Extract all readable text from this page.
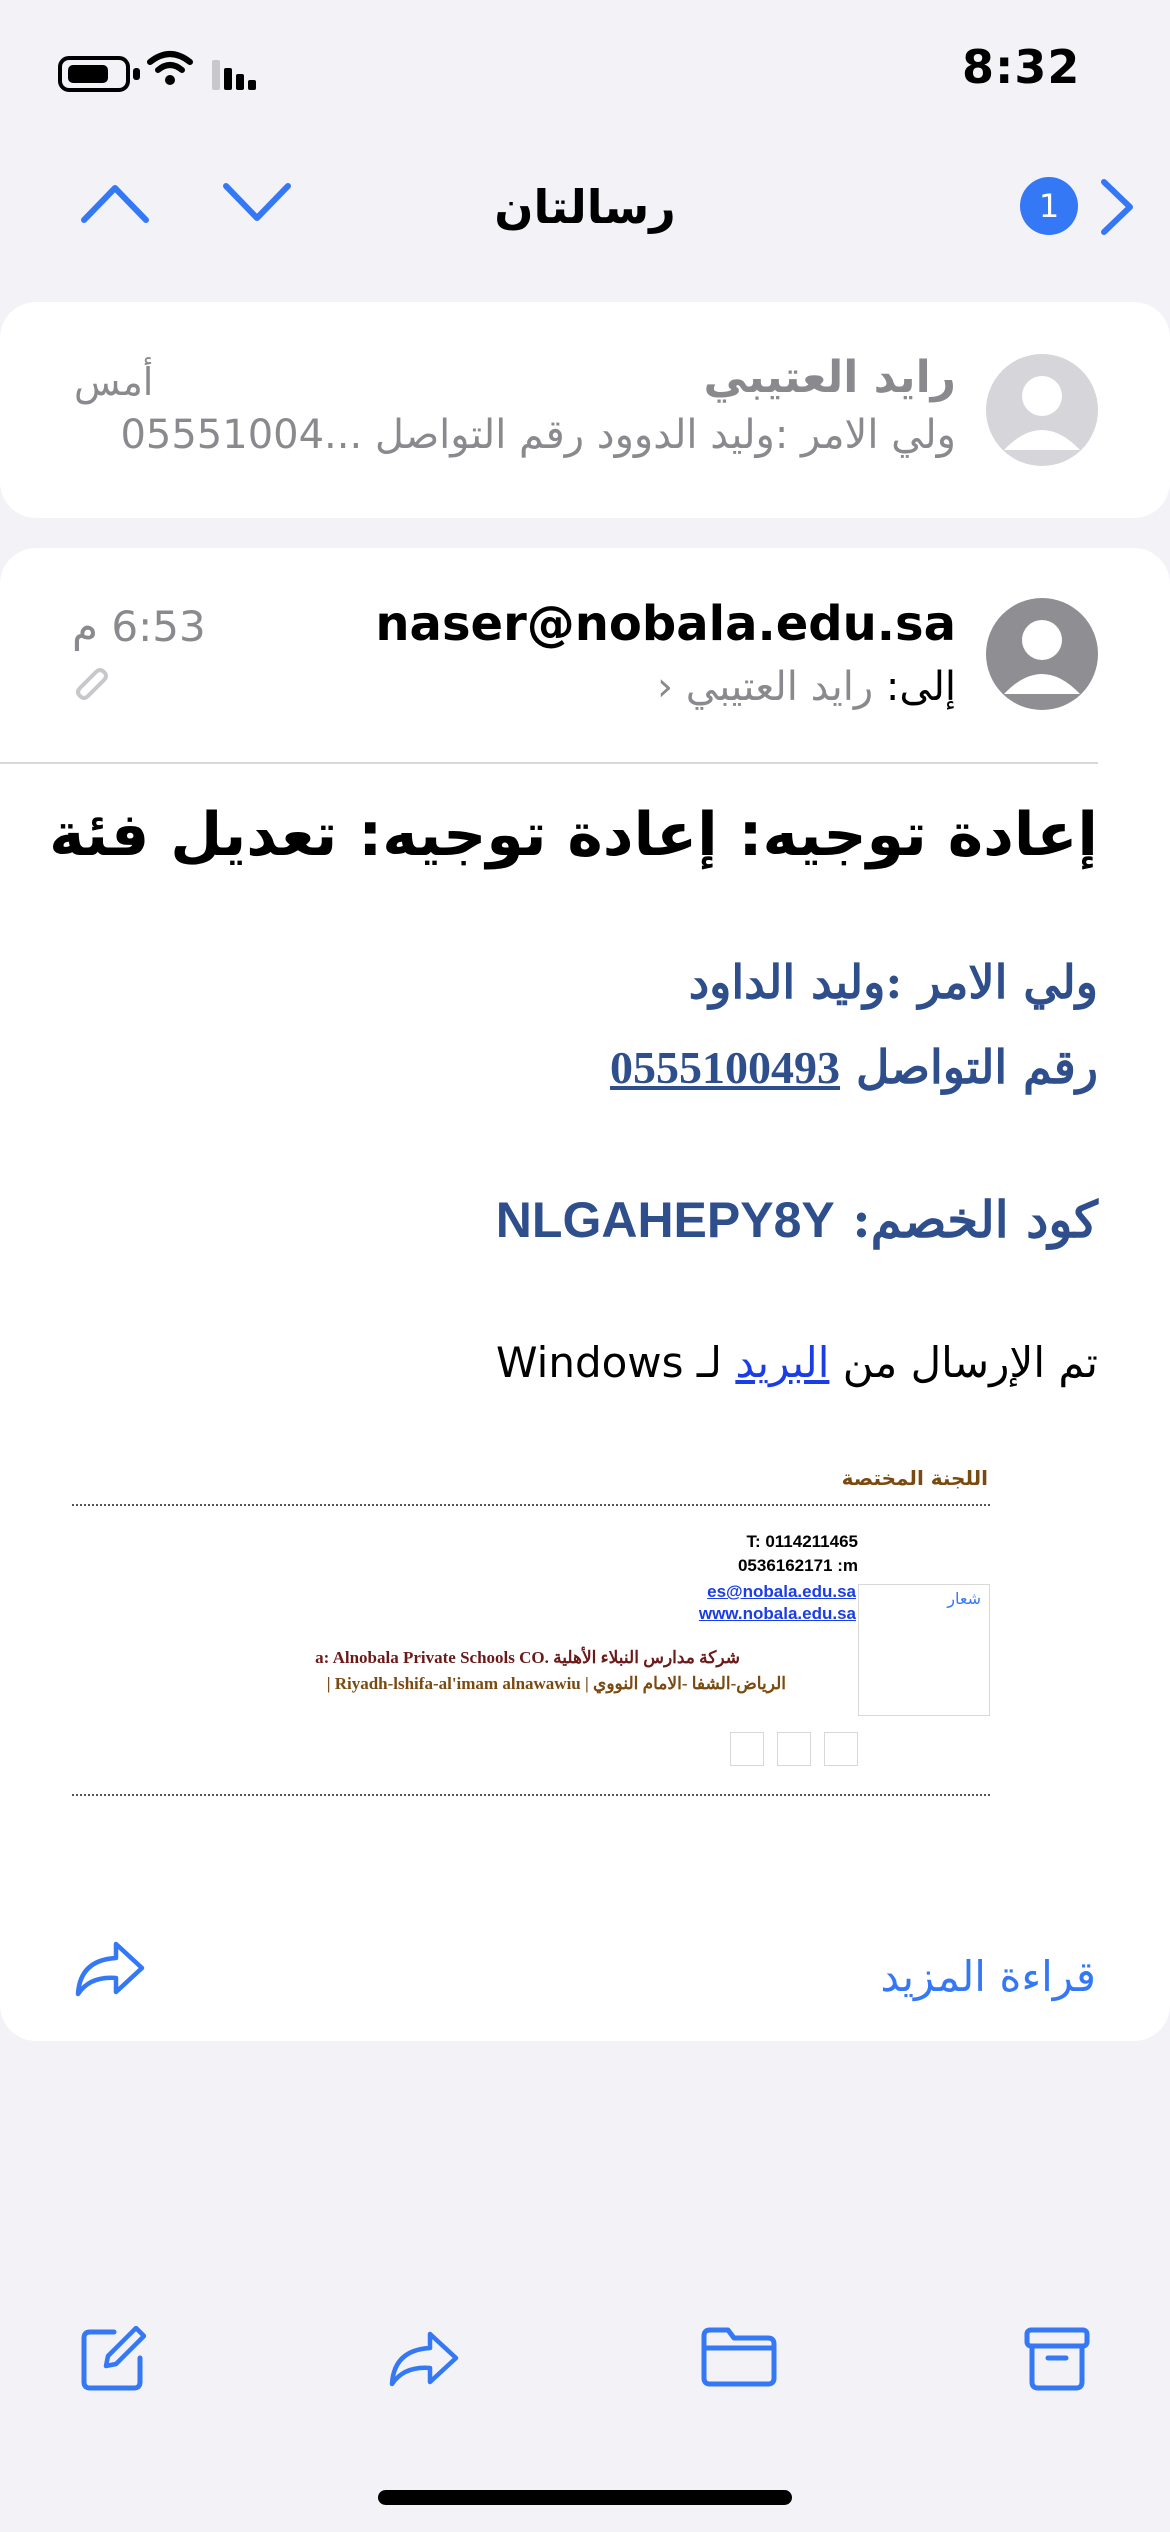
8:32
رسالتان	1
رايد العتيبي
أمس
ولي الامر :وليد الدوود رقم التواصل ...05551004
naser@nobala.edu.sa
6:53 م
إلى: رايد العتيبي ‹
إعادة توجيه: إعادة توجيه: تعديل فئة
ولي الامر :وليد الداود
رقم التواصل 0555100493
كود الخصم: NLGAHEPY8Y
تم الإرسال من البريد لـ Windows
اللجنة المختصة
T: 0114211465
0536162171 :m
es@nobala.edu.sa
www.nobala.edu.sa
شعار
a: Alnobala Private Schools CO. شركة مدارس النبلاء الأهلية
| Riyadh-lshifa-al'imam alnawawiu | الرياض-الشفا -الامام النووي
قراءة المزيد
